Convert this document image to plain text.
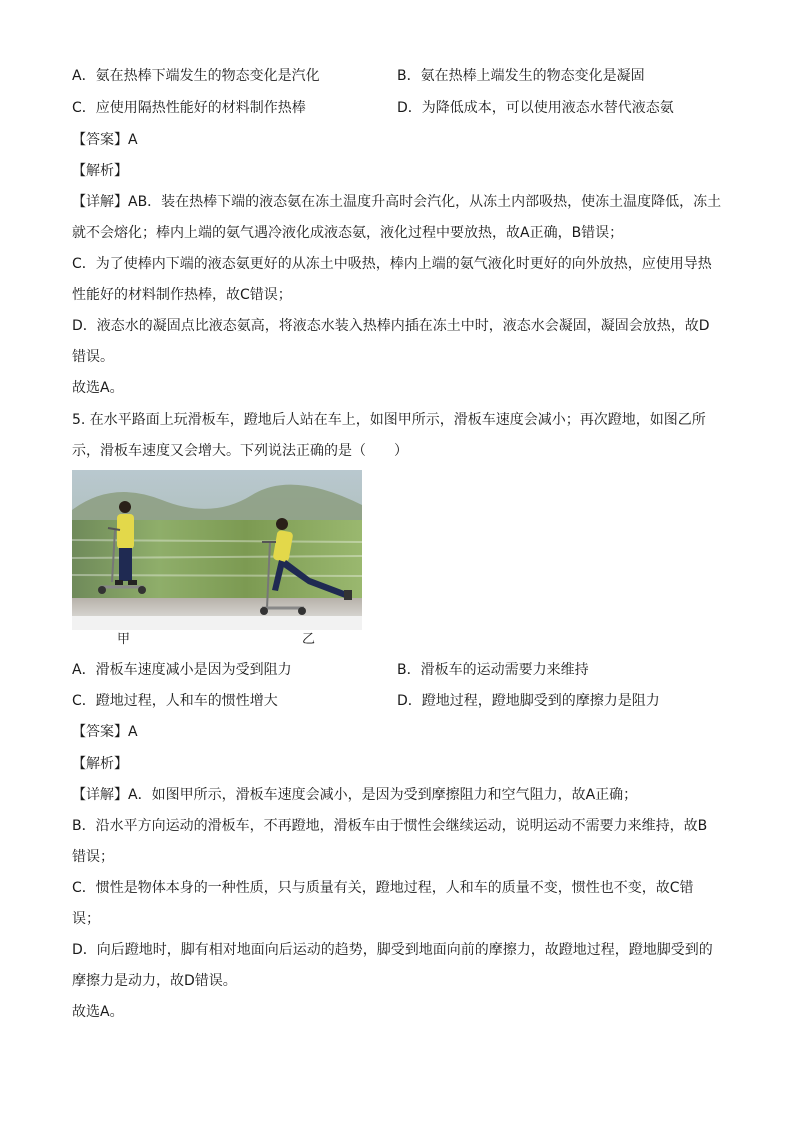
A．氨在热棒下端发生的物态变化是汽化	B．氨在热棒上端发生的物态变化是凝固
C．应使用隔热性能好的材料制作热棒	D．为降低成本，可以使用液态水替代液态氨
【答案】A
【解析】
【详解】AB．装在热棒下端的液态氨在冻土温度升高时会汽化，从冻土内部吸热，使冻土温度降低，冻土
就不会熔化；棒内上端的氨气遇冷液化成液态氨，液化过程中要放热，故A正确，B错误；
C．为了使棒内下端的液态氨更好的从冻土中吸热，棒内上端的氨气液化时更好的向外放热，应使用导热
性能好的材料制作热棒，故C错误；
D．液态水的凝固点比液态氨高，将液态水装入热棒内插在冻土中时，液态水会凝固，凝固会放热，故D
错误。
故选A。
5. 在水平路面上玩滑板车，蹬地后人站在车上，如图甲所示，滑板车速度会减小；再次蹬地，如图乙所
示，滑板车速度又会增大。下列说法正确的是（　　）
甲	乙
A．滑板车速度减小是因为受到阻力	B．滑板车的运动需要力来维持
C．蹬地过程，人和车的惯性增大	D．蹬地过程，蹬地脚受到的摩擦力是阻力
【答案】A
【解析】
【详解】A．如图甲所示，滑板车速度会减小，是因为受到摩擦阻力和空气阻力，故A正确；
B．沿水平方向运动的滑板车，不再蹬地，滑板车由于惯性会继续运动，说明运动不需要力来维持，故B
错误；
C．惯性是物体本身的一种性质，只与质量有关，蹬地过程，人和车的质量不变，惯性也不变，故C错
误；
D．向后蹬地时，脚有相对地面向后运动的趋势，脚受到地面向前的摩擦力，故蹬地过程，蹬地脚受到的
摩擦力是动力，故D错误。
故选A。
